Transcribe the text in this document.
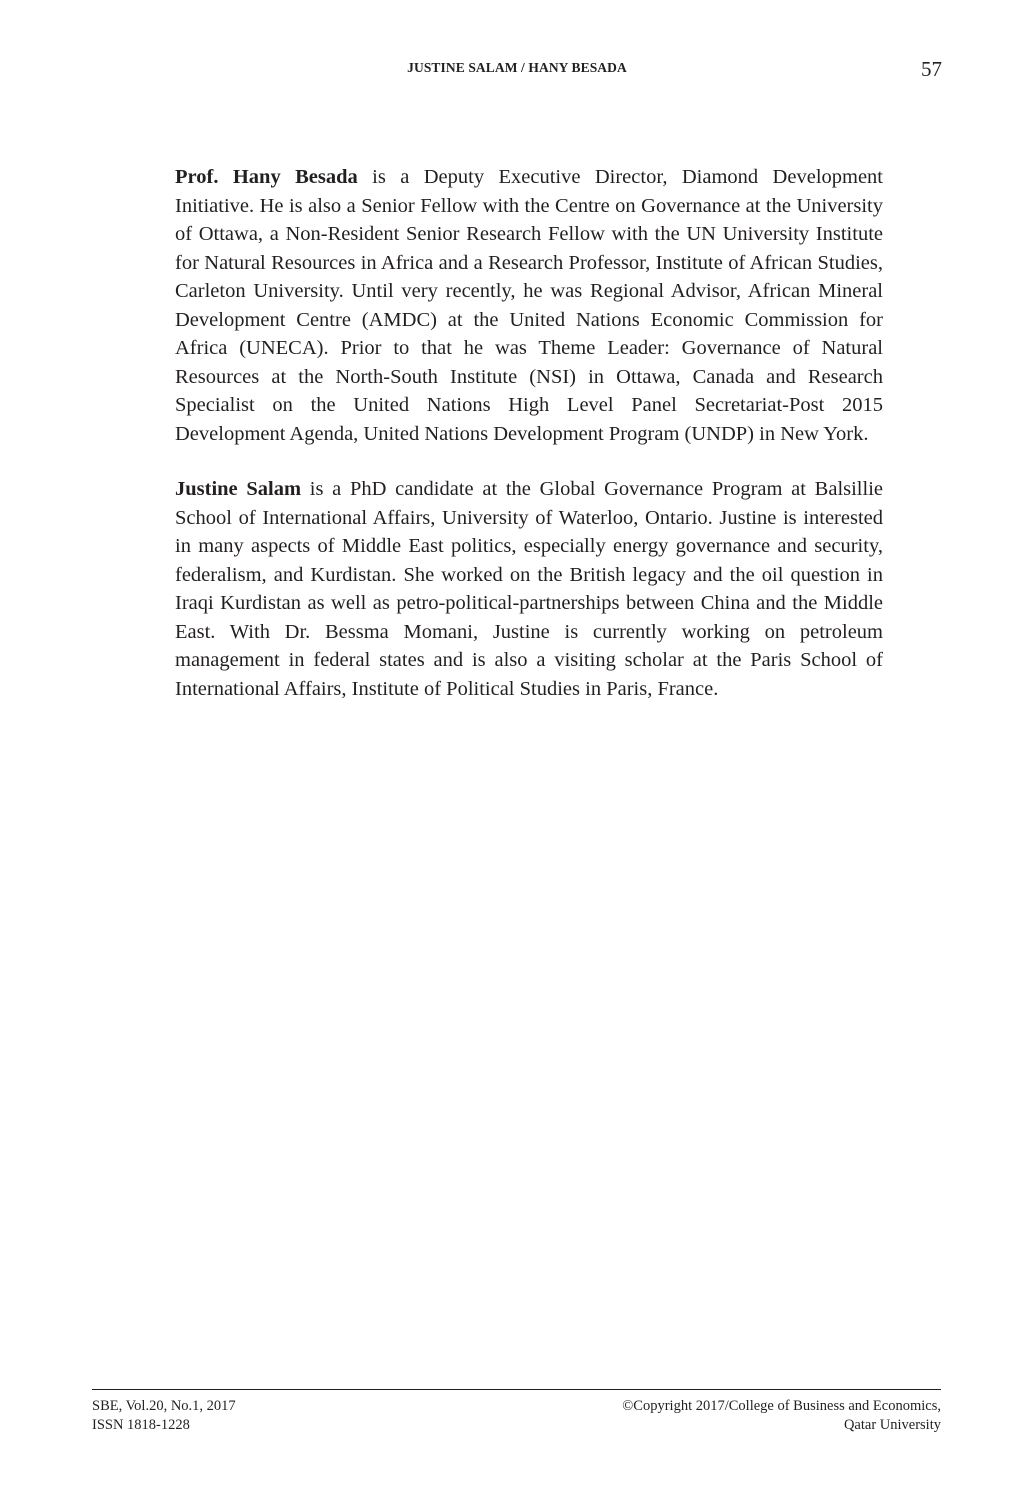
JUSTINE SALAM / HANY BESADA	57

Prof. Hany Besada is a Deputy Executive Director, Diamond Development Initiative. He is also a Senior Fellow with the Centre on Governance at the University of Ottawa, a Non-Resident Senior Research Fellow with the UN University Institute for Natural Resources in Africa and a Research Professor, Institute of African Studies, Carleton University. Until very recently, he was Regional Advisor, African Mineral Development Centre (AMDC) at the United Nations Economic Commission for Africa (UNECA). Prior to that he was Theme Leader: Governance of Natural Resources at the North-South Institute (NSI) in Ottawa, Canada and Research Specialist on the United Nations High Level Panel Secretariat-Post 2015 Development Agenda, United Nations Development Program (UNDP) in New York.

Justine Salam is a PhD candidate at the Global Governance Program at Balsillie School of International Affairs, University of Waterloo, Ontario. Justine is interested in many aspects of Middle East politics, especially energy governance and security, federalism, and Kurdistan. She worked on the British legacy and the oil question in Iraqi Kurdistan as well as petro-political-partnerships between China and the Middle East. With Dr. Bessma Momani, Justine is currently working on petroleum management in federal states and is also a visiting scholar at the Paris School of International Affairs, Institute of Political Studies in Paris, France.

SBE, Vol.20, No.1, 2017
ISSN 1818-1228
©Copyright 2017/College of Business and Economics,
Qatar University
